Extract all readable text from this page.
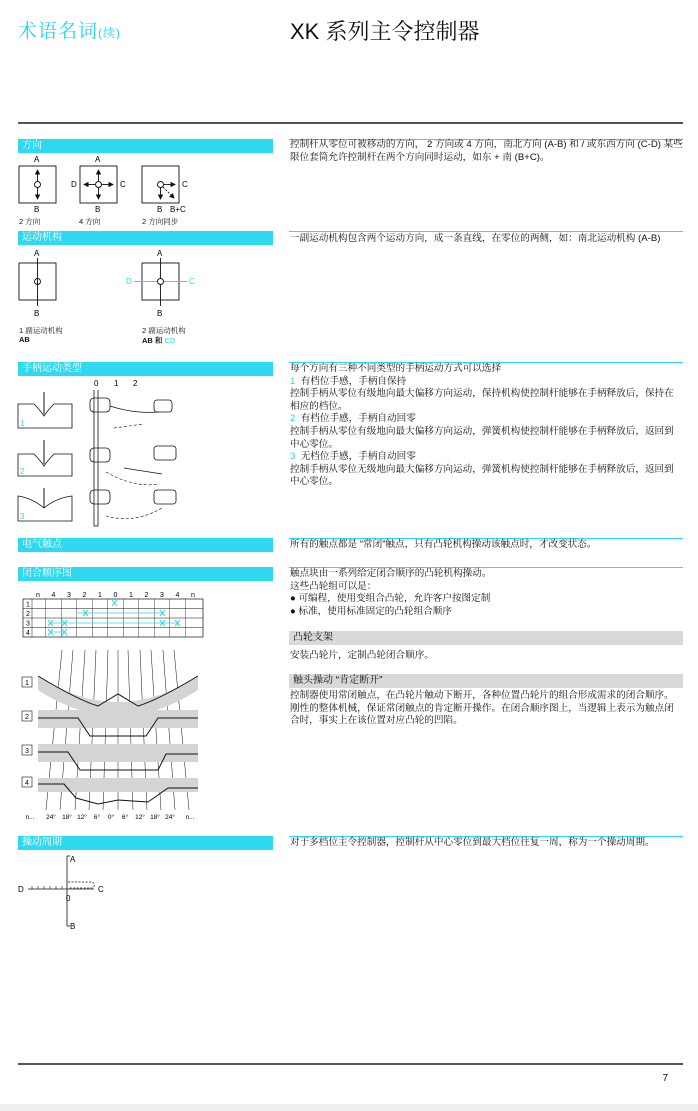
术语名词(续)	XK 系列主令控制器
方向	控制杆从零位可被移动的方向， 2 方向或 4 方向，南北方向 (A-B) 和 / 或东西方向 (C-D) 某些限位套筒允许控制杆在两个方向同时运动，如东 + 南 (B+C)。
A
B
A
B
D	C	C
B B+C
2 方向	4 方向	2 方向同步
运动机构	一副运动机构包含两个运动方向，成一条直线，在零位的两侧，如：南北运动机构 (A-B)
A
B
A
B
D	C
1 副运动机构
AB
2 副运动机构
AB 和 CD
手柄运动类型	每个方向有三种不同类型的手柄运动方式可以选择
1 有档位手感，手柄自保持
控制手柄从零位有级地向最大偏移方向运动，保持机构使控制杆能够在手柄释放后，保持在相应的档位。
2 有档位手感，手柄自动回零
控制手柄从零位有级地向最大偏移方向运动，弹簧机构使控制杆能够在手柄释放后，返回到中心零位。
3 无档位手感，手柄自动回零
控制手柄从零位无级地向最大偏移方向运动，弹簧机构使控制杆能够在手柄释放后，返回到中心零位。
0 1 2
1
2
3
电气触点	所有的触点都是 “常闭”触点，只有凸轮机构操动该触点时，才改变状态。
闭合顺序图	触点块由一系列给定闭合顺序的凸轮机构操动。
这些凸轮组可以是：
● 可编程，使用变组合凸轮，允许客户按图定制
● 标准，使用标准固定的凸轮组合顺序
凸轮支架
安装凸轮片，定制凸轮闭合顺序。
触头操动 “肯定断开”
控制器使用常闭触点，在凸轮片触动下断开，各种位置凸轮片的组合形成需求的闭合顺序。刚性的整体机械，保证常闭触点的肯定断开操作。在闭合顺序图上，当逻辑上表示为触点闭合时，事实上在该位置对应凸轮的凹陷。
n 4 3 2 1 0 1 2 3 4 n
1
2
3
4
1
2
3
4
n... 24° 18° 12° 6° 0° 6° 12° 18° 24° n...
操动周期	对于多档位主令控制器，控制杆从中心零位到最大档位往复一周，称为一个操动周期。
A
B
D	C
0
7
